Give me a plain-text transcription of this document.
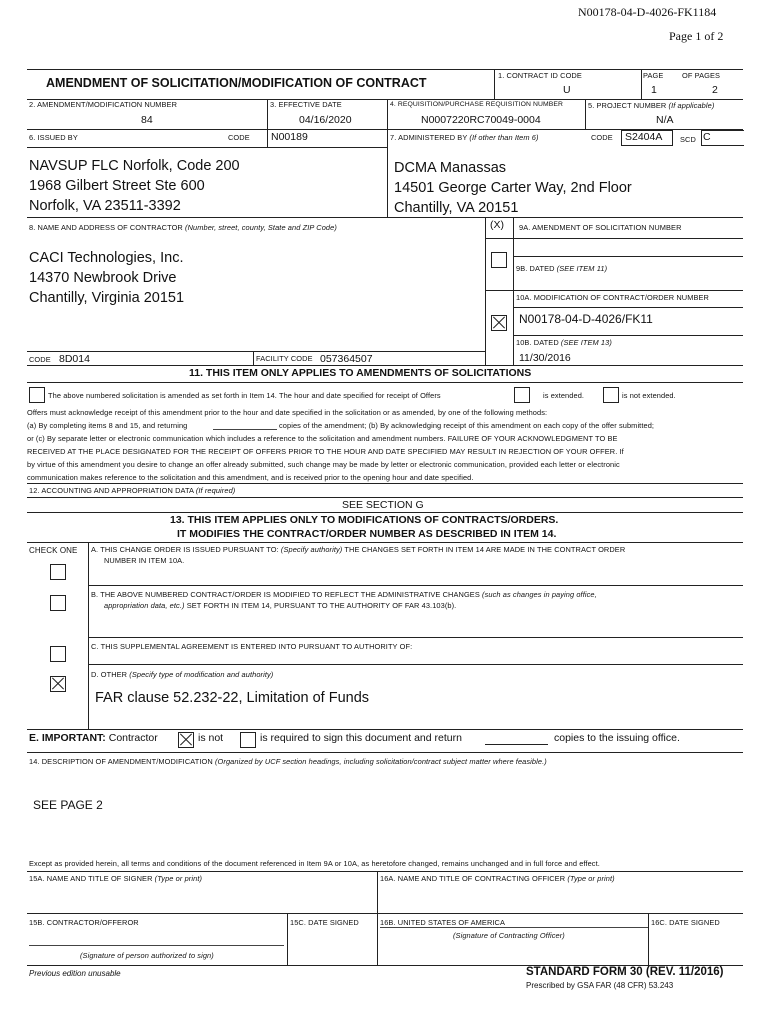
N00178-04-D-4026-FK1184
Page 1 of 2
AMENDMENT OF SOLICITATION/MODIFICATION OF CONTRACT
1. CONTRACT ID CODE
U
PAGE
1
OF PAGES
2
2. AMENDMENT/MODIFICATION NUMBER
84
3. EFFECTIVE DATE
04/16/2020
4. REQUISITION/PURCHASE REQUISITION NUMBER
N0007220RC70049-0004
5. PROJECT NUMBER (If applicable)
N/A
6. ISSUED BY	CODE N00189	7. ADMINISTERED BY (If other than Item 6)	CODE S2404A SCD C
NAVSUP FLC Norfolk, Code 200
1968 Gilbert Street Ste 600
Norfolk, VA 23511-3392
DCMA Manassas
14501 George Carter Way, 2nd Floor
Chantilly, VA 20151
8. NAME AND ADDRESS OF CONTRACTOR (Number, street, county, State and ZIP Code)
CACI Technologies, Inc.
14370 Newbrook Drive
Chantilly, Virginia 20151
CODE 8D014	FACILITY CODE 057364507
(X) 9A. AMENDMENT OF SOLICITATION NUMBER
9B. DATED (SEE ITEM 11)
10A. MODIFICATION OF CONTRACT/ORDER NUMBER
N00178-04-D-4026/FK11
10B. DATED (SEE ITEM 13)
11/30/2016
11. THIS ITEM ONLY APPLIES TO AMENDMENTS OF SOLICITATIONS
The above numbered solicitation is amended as set forth in Item 14. The hour and date specified for receipt of Offers	is extended.	is not extended.
Offers must acknowledge receipt of this amendment prior to the hour and date specified in the solicitation or as amended, by one of the following methods:
(a) By completing items 8 and 15, and returning	copies of the amendment; (b) By acknowledging receipt of this amendment on each copy of the offer submitted;
or (c) By separate letter or electronic communication which includes a reference to the solicitation and amendment numbers. FAILURE OF YOUR ACKNOWLEDGMENT TO BE
RECEIVED AT THE PLACE DESIGNATED FOR THE RECEIPT OF OFFERS PRIOR TO THE HOUR AND DATE SPECIFIED MAY RESULT IN REJECTION OF YOUR OFFER. If
by virtue of this amendment you desire to change an offer already submitted, such change may be made by letter or electronic communication, provided each letter or electronic
communication makes reference to the solicitation and this amendment, and is received prior to the opening hour and date specified.
12. ACCOUNTING AND APPROPRIATION DATA (If required)
SEE SECTION G
13. THIS ITEM APPLIES ONLY TO MODIFICATIONS OF CONTRACTS/ORDERS.
IT MODIFIES THE CONTRACT/ORDER NUMBER AS DESCRIBED IN ITEM 14.
CHECK ONE A. THIS CHANGE ORDER IS ISSUED PURSUANT TO: (Specify authority) THE CHANGES SET FORTH IN ITEM 14 ARE MADE IN THE CONTRACT ORDER
NUMBER IN ITEM 10A.
B. THE ABOVE NUMBERED CONTRACT/ORDER IS MODIFIED TO REFLECT THE ADMINISTRATIVE CHANGES (such as changes in paying office,
appropriation data, etc.) SET FORTH IN ITEM 14, PURSUANT TO THE AUTHORITY OF FAR 43.103(b).
C. THIS SUPPLEMENTAL AGREEMENT IS ENTERED INTO PURSUANT TO AUTHORITY OF:
D. OTHER (Specify type of modification and authority)
FAR clause 52.232-22, Limitation of Funds
E. IMPORTANT: Contractor	is not	is required to sign this document and return	copies to the issuing office.
14. DESCRIPTION OF AMENDMENT/MODIFICATION (Organized by UCF section headings, including solicitation/contract subject matter where feasible.)
SEE PAGE 2
Except as provided herein, all terms and conditions of the document referenced in Item 9A or 10A, as heretofore changed, remains unchanged and in full force and effect.
15A. NAME AND TITLE OF SIGNER (Type or print)	16A. NAME AND TITLE OF CONTRACTING OFFICER (Type or print)
15B. CONTRACTOR/OFFEROR	15C. DATE SIGNED	16B. UNITED STATES OF AMERICA	16C. DATE SIGNED
(Signature of Contracting Officer)
(Signature of person authorized to sign)
Previous edition unusable	STANDARD FORM 30 (REV. 11/2016)
Prescribed by GSA FAR (48 CFR) 53.243
